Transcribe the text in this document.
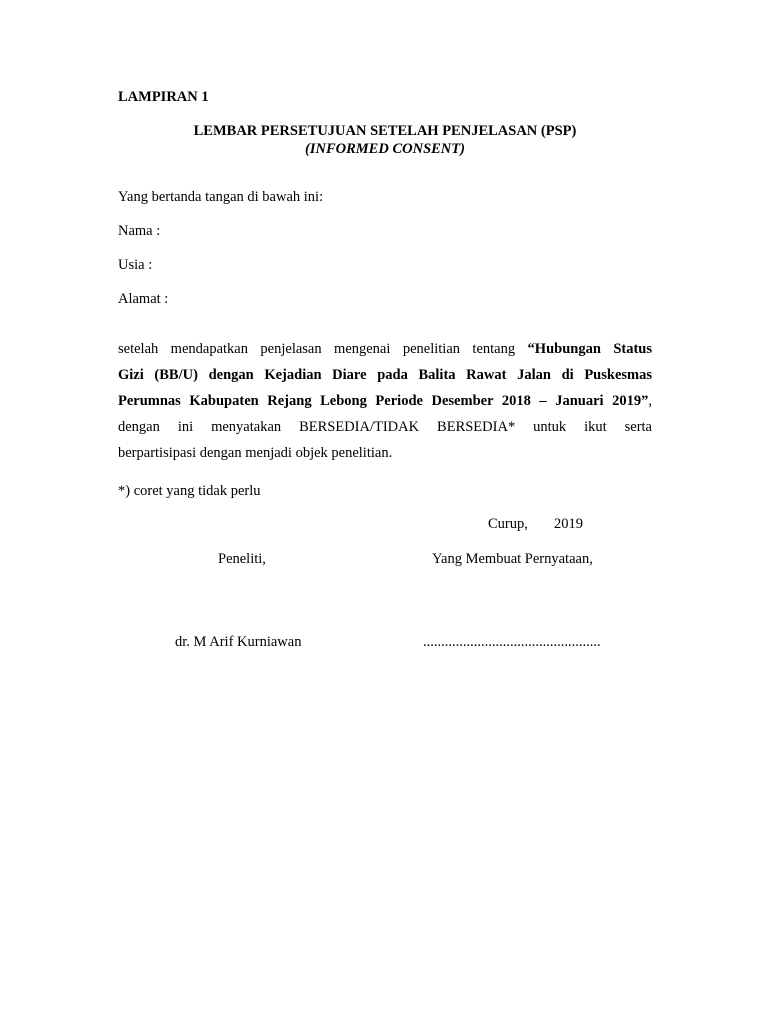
LAMPIRAN 1
LEMBAR PERSETUJUAN SETELAH PENJELASAN (PSP)
(INFORMED CONSENT)
Yang bertanda tangan di bawah ini:
Nama :
Usia :
Alamat :
setelah mendapatkan penjelasan mengenai penelitian tentang “Hubungan Status
Gizi (BB/U) dengan Kejadian Diare pada Balita Rawat Jalan di Puskesmas
Perumnas Kabupaten Rejang Lebong Periode Desember 2018 – Januari 2019”,
dengan ini menyatakan BERSEDIA/TIDAK BERSEDIA* untuk ikut serta
berpartisipasi dengan menjadi objek penelitian.
*) coret yang tidak perlu
Curup, 2019
Peneliti,	Yang Membuat Pernyataan,
dr. M Arif Kurniawan	.................................................
